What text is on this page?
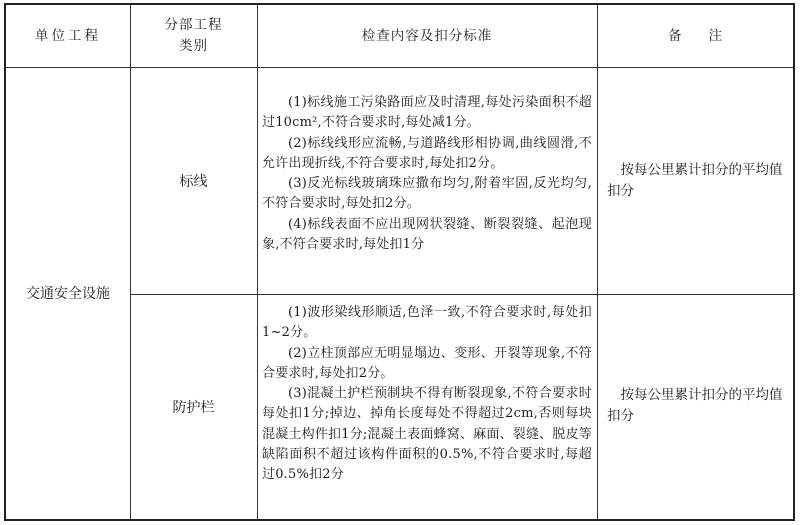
单位工程
分部工程
类别
检查内容及扣分标准	备　　注
交通安全设施
标线

(1)标线施工污染路面应及时清理,每处污染面积不超过10cm²,不符合要求时,每处减1分。

(2)标线线形应流畅,与道路线形相协调,曲线圆滑,不允许出现折线,不符合要求时,每处扣2分。

(3)反光标线玻璃珠应撒布均匀,附着牢固,反光均匀,不符合要求时,每处扣2分。

(4)标线表面不应出现网状裂缝、断裂裂缝、起泡现象,不符合要求时,每处扣1分

按每公里累计扣分的平均值扣分
防护栏

(1)波形梁线形顺适,色泽一致,不符合要求时,每处扣1~2分。

(2)立柱顶部应无明显塌边、变形、开裂等现象,不符合要求时,每处扣2分。

(3)混凝土护栏预制块不得有断裂现象,不符合要求时每处扣1分;掉边、掉角长度每处不得超过2cm,否则每块混凝土构件扣1分;混凝土表面蜂窝、麻面、裂缝、脱皮等缺陷面积不超过该构件面积的0.5%,不符合要求时,每超过0.5%扣2分

按每公里累计扣分的平均值扣分
